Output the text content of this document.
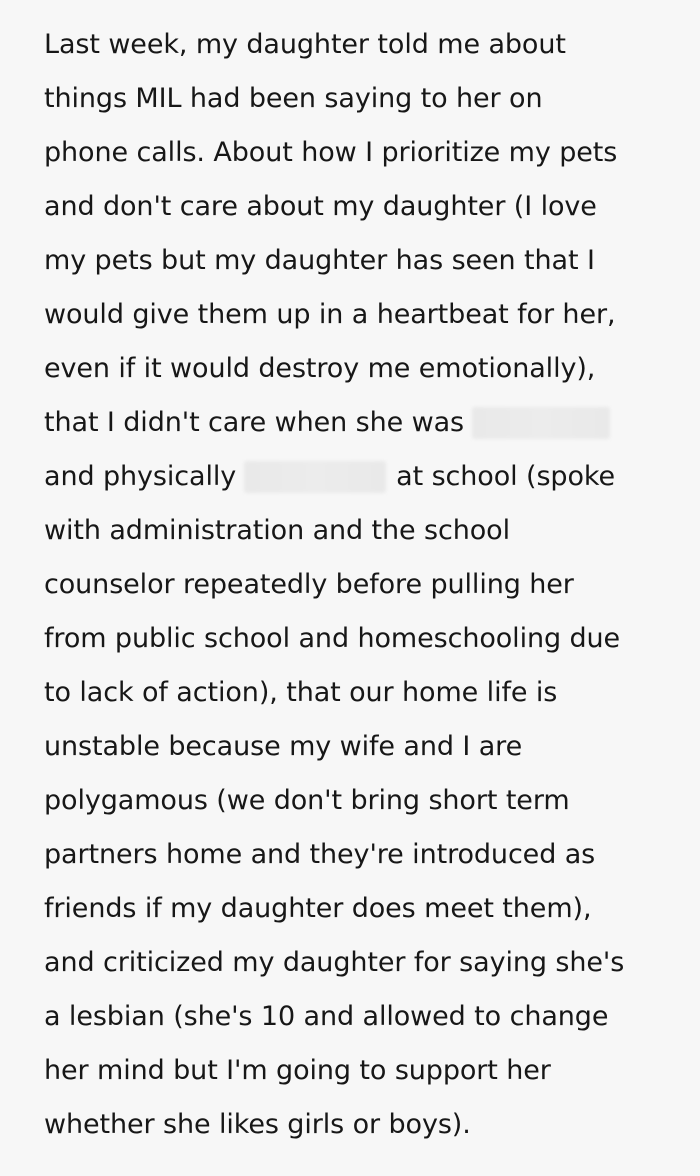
Last week, my daughter told me about
things MIL had been saying to her on
phone calls. About how I prioritize my pets
and don't care about my daughter (I love
my pets but my daughter has seen that I
would give them up in a heartbeat for her,
even if it would destroy me emotionally),
that I didn't care when she was
and physically	at school (spoke
with administration and the school
counselor repeatedly before pulling her
from public school and homeschooling due
to lack of action), that our home life is
unstable because my wife and I are
polygamous (we don't bring short term
partners home and they're introduced as
friends if my daughter does meet them),
and criticized my daughter for saying she's
a lesbian (she's 10 and allowed to change
her mind but I'm going to support her
whether she likes girls or boys).
